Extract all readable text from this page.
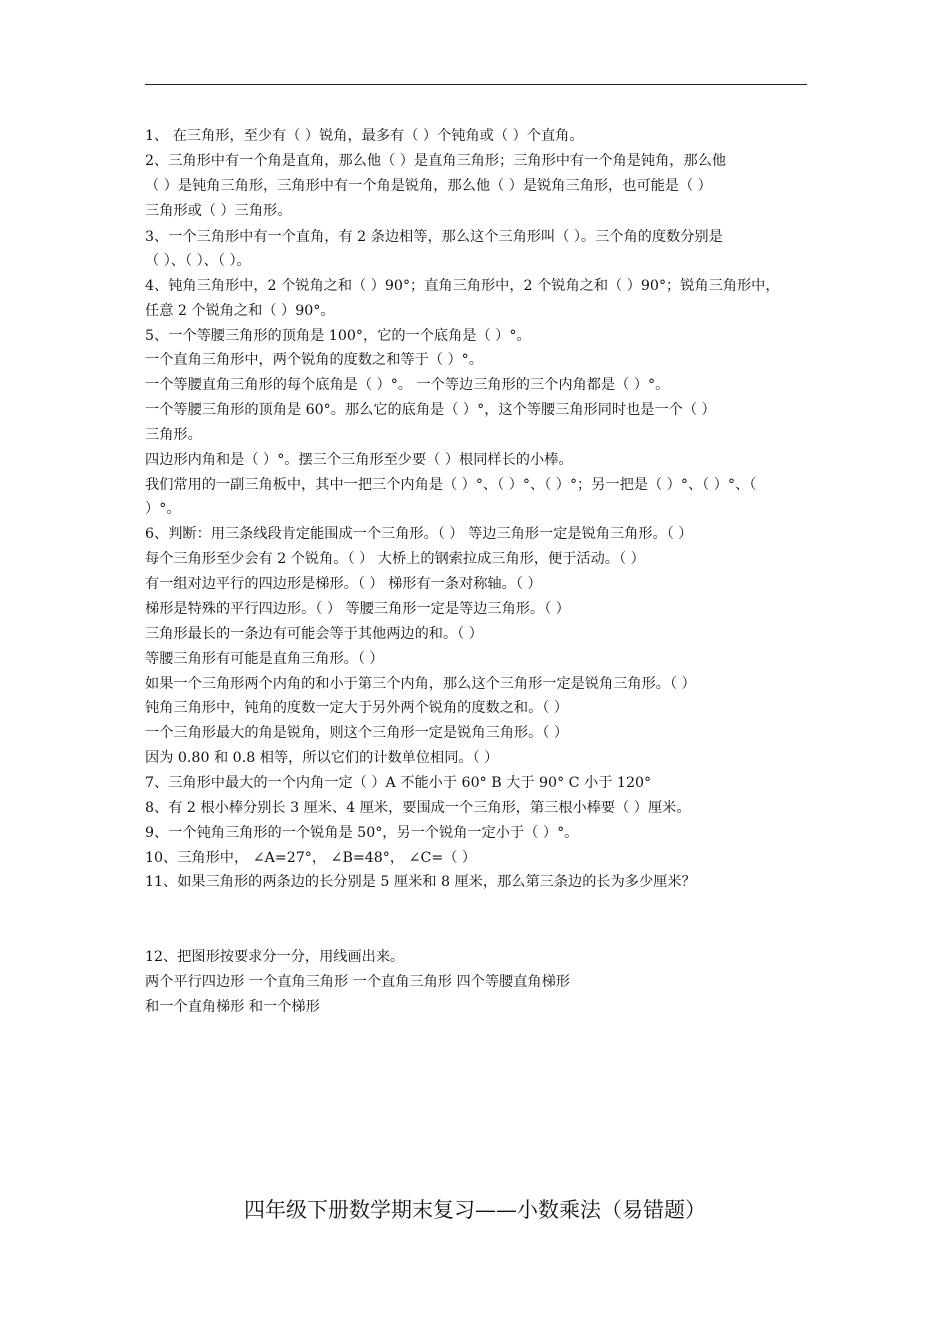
1、 在三角形，至少有（ ）锐角，最多有（ ）个钝角或（ ）个直角。
2、三角形中有一个角是直角，那么他（ ）是直角三角形；三角形中有一个角是钝角，那么他
（ ）是钝角三角形，三角形中有一个角是锐角，那么他（ ）是锐角三角形，也可能是（ ）
三角形或（ ）三角形。
3、一个三角形中有一个直角，有 2 条边相等，那么这个三角形叫（ ）。三个角的度数分别是
（ ）、（ ）、（ ）。
4、钝角三角形中，2 个锐角之和（ ）90°；直角三角形中，2 个锐角之和（ ）90°；锐角三角形中，
任意 2 个锐角之和（ ）90°。
5、一个等腰三角形的顶角是 100°，它的一个底角是（ ）°。
一个直角三角形中，两个锐角的度数之和等于（ ）°。
一个等腰直角三角形的每个底角是（ ）°。 一个等边三角形的三个内角都是（ ）°。
一个等腰三角形的顶角是 60°。那么它的底角是（ ）°，这个等腰三角形同时也是一个（ ）
三角形。
四边形内角和是（ ）°。摆三个三角形至少要（ ）根同样长的小棒。
我们常用的一副三角板中，其中一把三个内角是（ ）°、（ ）°、（ ）°；另一把是（ ）°、（ ）°、（
）°。
6、判断：用三条线段肯定能围成一个三角形。（ ） 等边三角形一定是锐角三角形。（ ）
每个三角形至少会有 2 个锐角。（ ） 大桥上的钢索拉成三角形，便于活动。（ ）
有一组对边平行的四边形是梯形。（ ） 梯形有一条对称轴。（ ）
梯形是特殊的平行四边形。（ ） 等腰三角形一定是等边三角形。（ ）
三角形最长的一条边有可能会等于其他两边的和。（ ）
等腰三角形有可能是直角三角形。（ ）
如果一个三角形两个内角的和小于第三个内角，那么这个三角形一定是锐角三角形。（ ）
钝角三角形中，钝角的度数一定大于另外两个锐角的度数之和。（ ）
一个三角形最大的角是锐角，则这个三角形一定是锐角三角形。（ ）
因为 0.80 和 0.8 相等，所以它们的计数单位相同。（ ）
7、三角形中最大的一个内角一定（ ）A 不能小于 60° B 大于 90° C 小于 120°
8、有 2 根小棒分别长 3 厘米、4 厘米，要围成一个三角形，第三根小棒要（ ）厘米。
9、一个钝角三角形的一个锐角是 50°，另一个锐角一定小于（ ）°。
10、三角形中， ∠A=27°， ∠B=48°， ∠C=（ ）
11、如果三角形的两条边的长分别是 5 厘米和 8 厘米，那么第三条边的长为多少厘米？
12、把图形按要求分一分，用线画出来。
两个平行四边形 一个直角三角形 一个直角三角形 四个等腰直角梯形
和一个直角梯形 和一个梯形
四年级下册数学期末复习——小数乘法（易错题）
